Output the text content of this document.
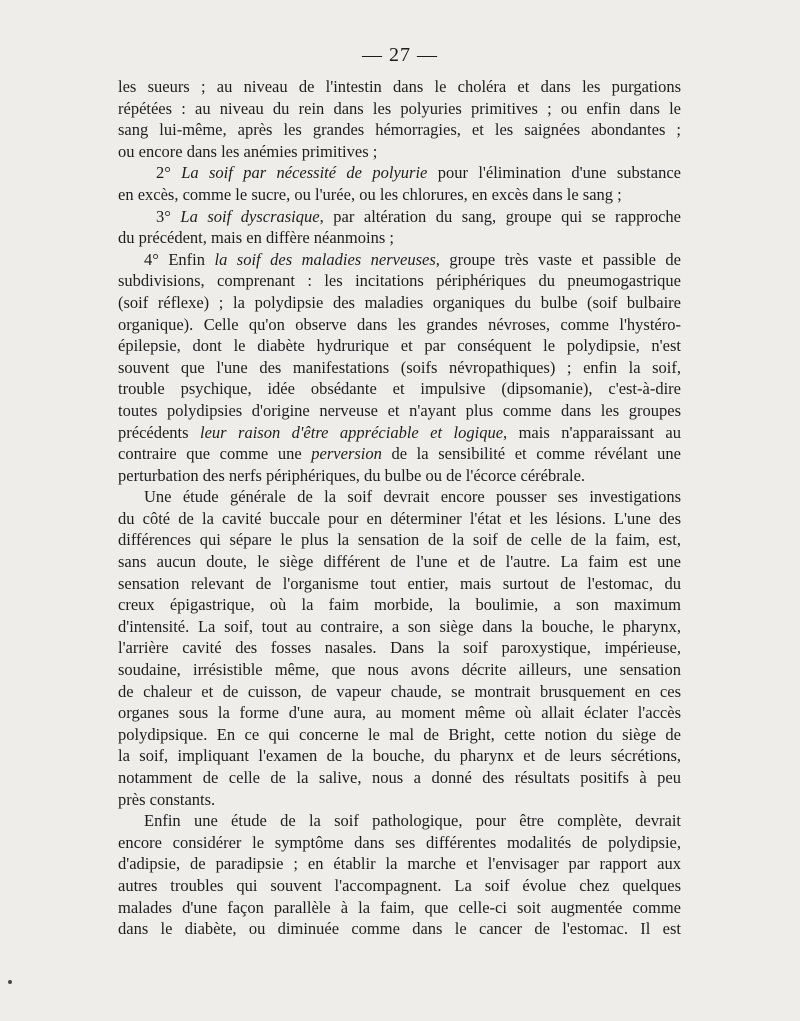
— 27 —
les sueurs ; au niveau de l'intestin dans le choléra et dans les purgations
répétées : au niveau du rein dans les polyuries primitives ; ou enfin dans le
sang lui-même, après les grandes hémorragies, et les saignées abondantes ;
ou encore dans les anémies primitives ;
2° La soif par nécessité de polyurie pour l'élimination d'une substance
en excès, comme le sucre, ou l'urée, ou les chlorures, en excès dans le sang ;
3° La soif dyscrasique, par altération du sang, groupe qui se rapproche
du précédent, mais en diffère néanmoins ;
4° Enfin la soif des maladies nerveuses, groupe très vaste et passible de
subdivisions, comprenant : les incitations périphériques du pneumogastrique
(soif réflexe) ; la polydipsie des maladies organiques du bulbe (soif bulbaire
organique). Celle qu'on observe dans les grandes névroses, comme l'hystéro-
épilepsie, dont le diabète hydrurique et par conséquent le polydipsie, n'est
souvent que l'une des manifestations (soifs névropathiques) ; enfin la soif,
trouble psychique, idée obsédante et impulsive (dipsomanie), c'est-à-dire
toutes polydipsies d'origine nerveuse et n'ayant plus comme dans les groupes
précédents leur raison d'être appréciable et logique, mais n'apparaissant au
contraire que comme une perversion de la sensibilité et comme révélant une
perturbation des nerfs périphériques, du bulbe ou de l'écorce cérébrale.
Une étude générale de la soif devrait encore pousser ses investigations
du côté de la cavité buccale pour en déterminer l'état et les lésions. L'une des
différences qui sépare le plus la sensation de la soif de celle de la faim, est,
sans aucun doute, le siège différent de l'une et de l'autre. La faim est une
sensation relevant de l'organisme tout entier, mais surtout de l'estomac, du
creux épigastrique, où la faim morbide, la boulimie, a son maximum
d'intensité. La soif, tout au contraire, a son siège dans la bouche, le pharynx,
l'arrière cavité des fosses nasales. Dans la soif paroxystique, impérieuse,
soudaine, irrésistible même, que nous avons décrite ailleurs, une sensation
de chaleur et de cuisson, de vapeur chaude, se montrait brusquement en ces
organes sous la forme d'une aura, au moment même où allait éclater l'accès
polydipsique. En ce qui concerne le mal de Bright, cette notion du siège de
la soif, impliquant l'examen de la bouche, du pharynx et de leurs sécrétions,
notamment de celle de la salive, nous a donné des résultats positifs à peu
près constants.
Enfin une étude de la soif pathologique, pour être complète, devrait
encore considérer le symptôme dans ses différentes modalités de polydipsie,
d'adipsie, de paradipsie ; en établir la marche et l'envisager par rapport aux
autres troubles qui souvent l'accompagnent. La soif évolue chez quelques
malades d'une façon parallèle à la faim, que celle-ci soit augmentée comme
dans le diabète, ou diminuée comme dans le cancer de l'estomac. Il est
